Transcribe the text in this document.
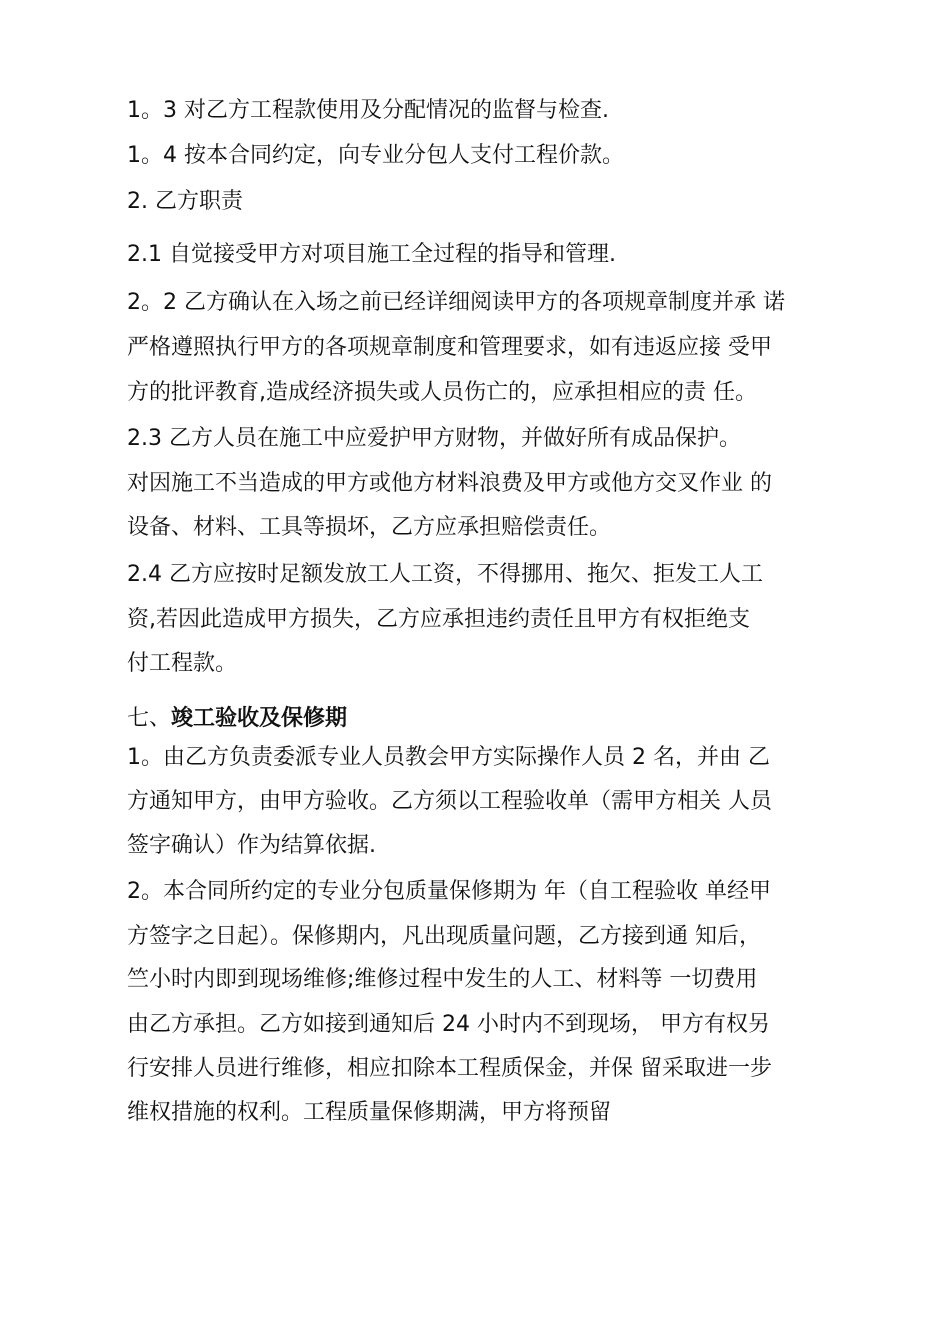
1。3 对乙方工程款使用及分配情况的监督与检查.
1。4 按本合同约定，向专业分包人支付工程价款。
2. 乙方职责
2.1 自觉接受甲方对项目施工全过程的指导和管理.
2。2 乙方确认在入场之前已经详细阅读甲方的各项规章制度并承 诺
严格遵照执行甲方的各项规章制度和管理要求，如有违返应接 受甲
方的批评教育,造成经济损失或人员伤亡的，应承担相应的责 任。
2.3 乙方人员在施工中应爱护甲方财物，并做好所有成品保护。
对因施工不当造成的甲方或他方材料浪费及甲方或他方交叉作业 的
设备、材料、工具等损坏，乙方应承担赔偿责任。
2.4 乙方应按时足额发放工人工资，不得挪用、拖欠、拒发工人工
资,若因此造成甲方损失，乙方应承担违约责任且甲方有权拒绝支
付工程款。
七、竣工验收及保修期
1。由乙方负责委派专业人员教会甲方实际操作人员 2 名，并由 乙
方通知甲方，由甲方验收。乙方须以工程验收单（需甲方相关 人员
签字确认）作为结算依据.
2。本合同所约定的专业分包质量保修期为 年（自工程验收 单经甲
方签字之日起）。保修期内，凡出现质量问题，乙方接到通 知后，
竺小时内即到现场维修;维修过程中发生的人工、材料等 一切费用
由乙方承担。乙方如接到通知后 24 小时内不到现场， 甲方有权另
行安排人员进行维修，相应扣除本工程质保金，并保 留采取进一步
维权措施的权利。工程质量保修期满，甲方将预留
